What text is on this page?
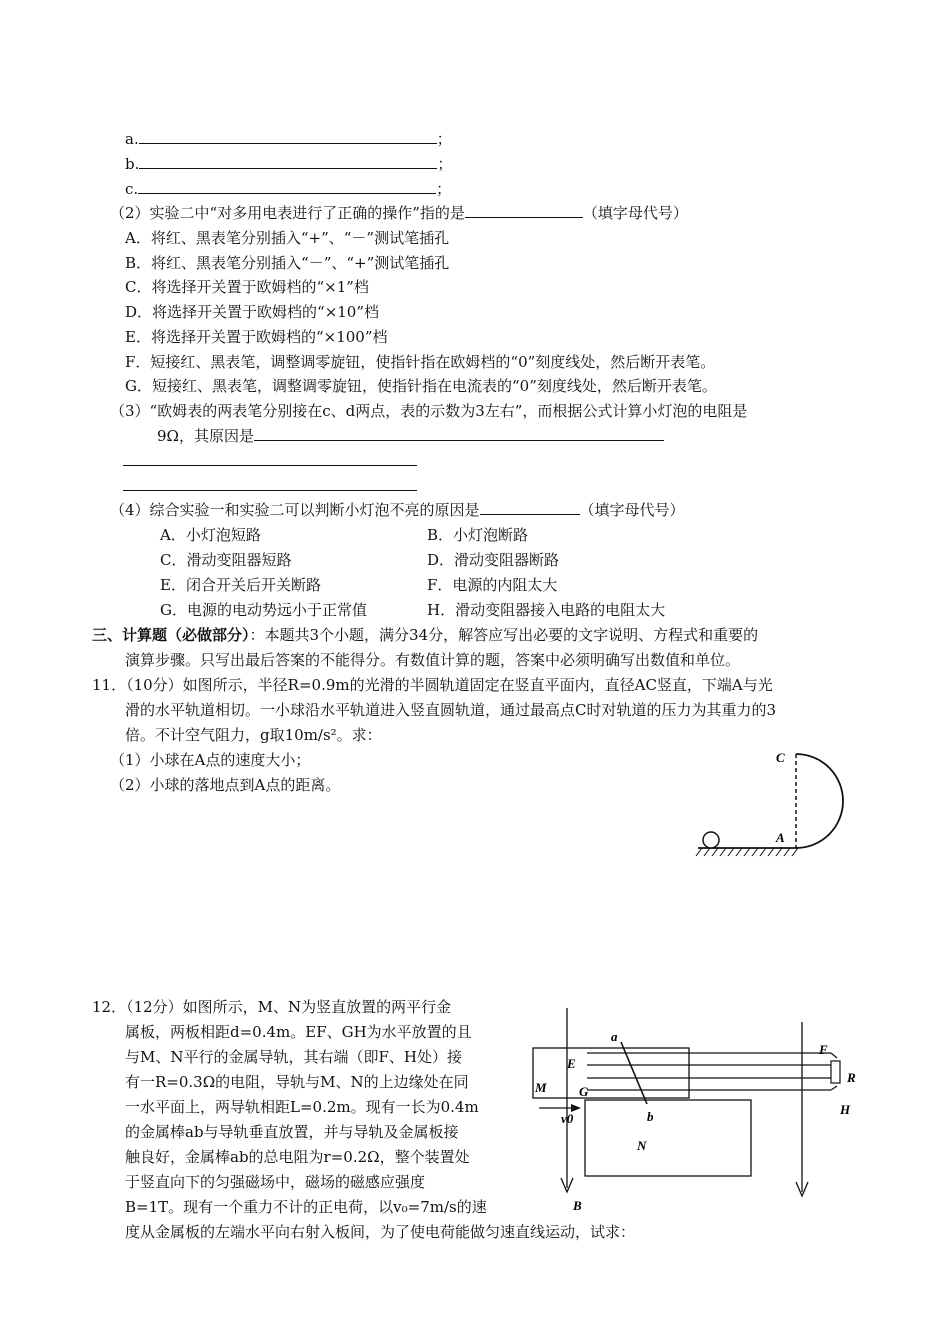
a.	；
b.	；
c.	；
（2）实验二中“对多用电表进行了正确的操作”指的是	（填字母代号）
A．将红、黑表笔分别插入“+”、“－”测试笔插孔
B．将红、黑表笔分别插入“－”、“+”测试笔插孔
C．将选择开关置于欧姆档的“×1”档
D．将选择开关置于欧姆档的“×10”档
E．将选择开关置于欧姆档的“×100”档
F．短接红、黑表笔，调整调零旋钮，使指针指在欧姆档的“0”刻度线处，然后断开表笔。
G．短接红、黑表笔，调整调零旋钮，使指针指在电流表的“0”刻度线处，然后断开表笔。
（3）“欧姆表的两表笔分别接在c、d两点，表的示数为3左右”，而根据公式计算小灯泡的电阻是
9Ω，其原因是
（4）综合实验一和实验二可以判断小灯泡不亮的原因是	（填字母代号）
A．小灯泡短路	B．小灯泡断路
C．滑动变阻器短路	D．滑动变阻器断路
E．闭合开关后开关断路	F．电源的内阻太大
G．电源的电动势远小于正常值	H．滑动变阻器接入电路的电阻太大
三、计算题（必做部分）：本题共3个小题，满分34分，解答应写出必要的文字说明、方程式和重要的
演算步骤。只写出最后答案的不能得分。有数值计算的题，答案中必须明确写出数值和单位。
11．（10分）如图所示，半径R=0.9m的光滑的半圆轨道固定在竖直平面内，直径AC竖直，下端A与光
滑的水平轨道相切。一小球沿水平轨道进入竖直圆轨道，通过最高点C时对轨道的压力为其重力的3
倍。不计空气阻力，g取10m/s²。求：
（1）小球在A点的速度大小；
（2）小球的落地点到A点的距离。
C
A
12．（12分）如图所示，M、N为竖直放置的两平行金
属板，两板相距d=0.4m。EF、GH为水平放置的且
与M、N平行的金属导轨，其右端（即F、H处）接
有一R=0.3Ω的电阻，导轨与M、N的上边缘处在同
一水平面上，两导轨相距L=0.2m。现有一长为0.4m
的金属棒ab与导轨垂直放置，并与导轨及金属板接
触良好，金属棒ab的总电阻为r=0.2Ω，整个装置处
于竖直向下的匀强磁场中，磁场的磁感应强度
B=1T。现有一个重力不计的正电荷，以v₀=7m/s的速
度从金属板的左端水平向右射入板间，为了使电荷能做匀速直线运动，试求：
a
b
E
G
F
H
R
M
N
B
v0
